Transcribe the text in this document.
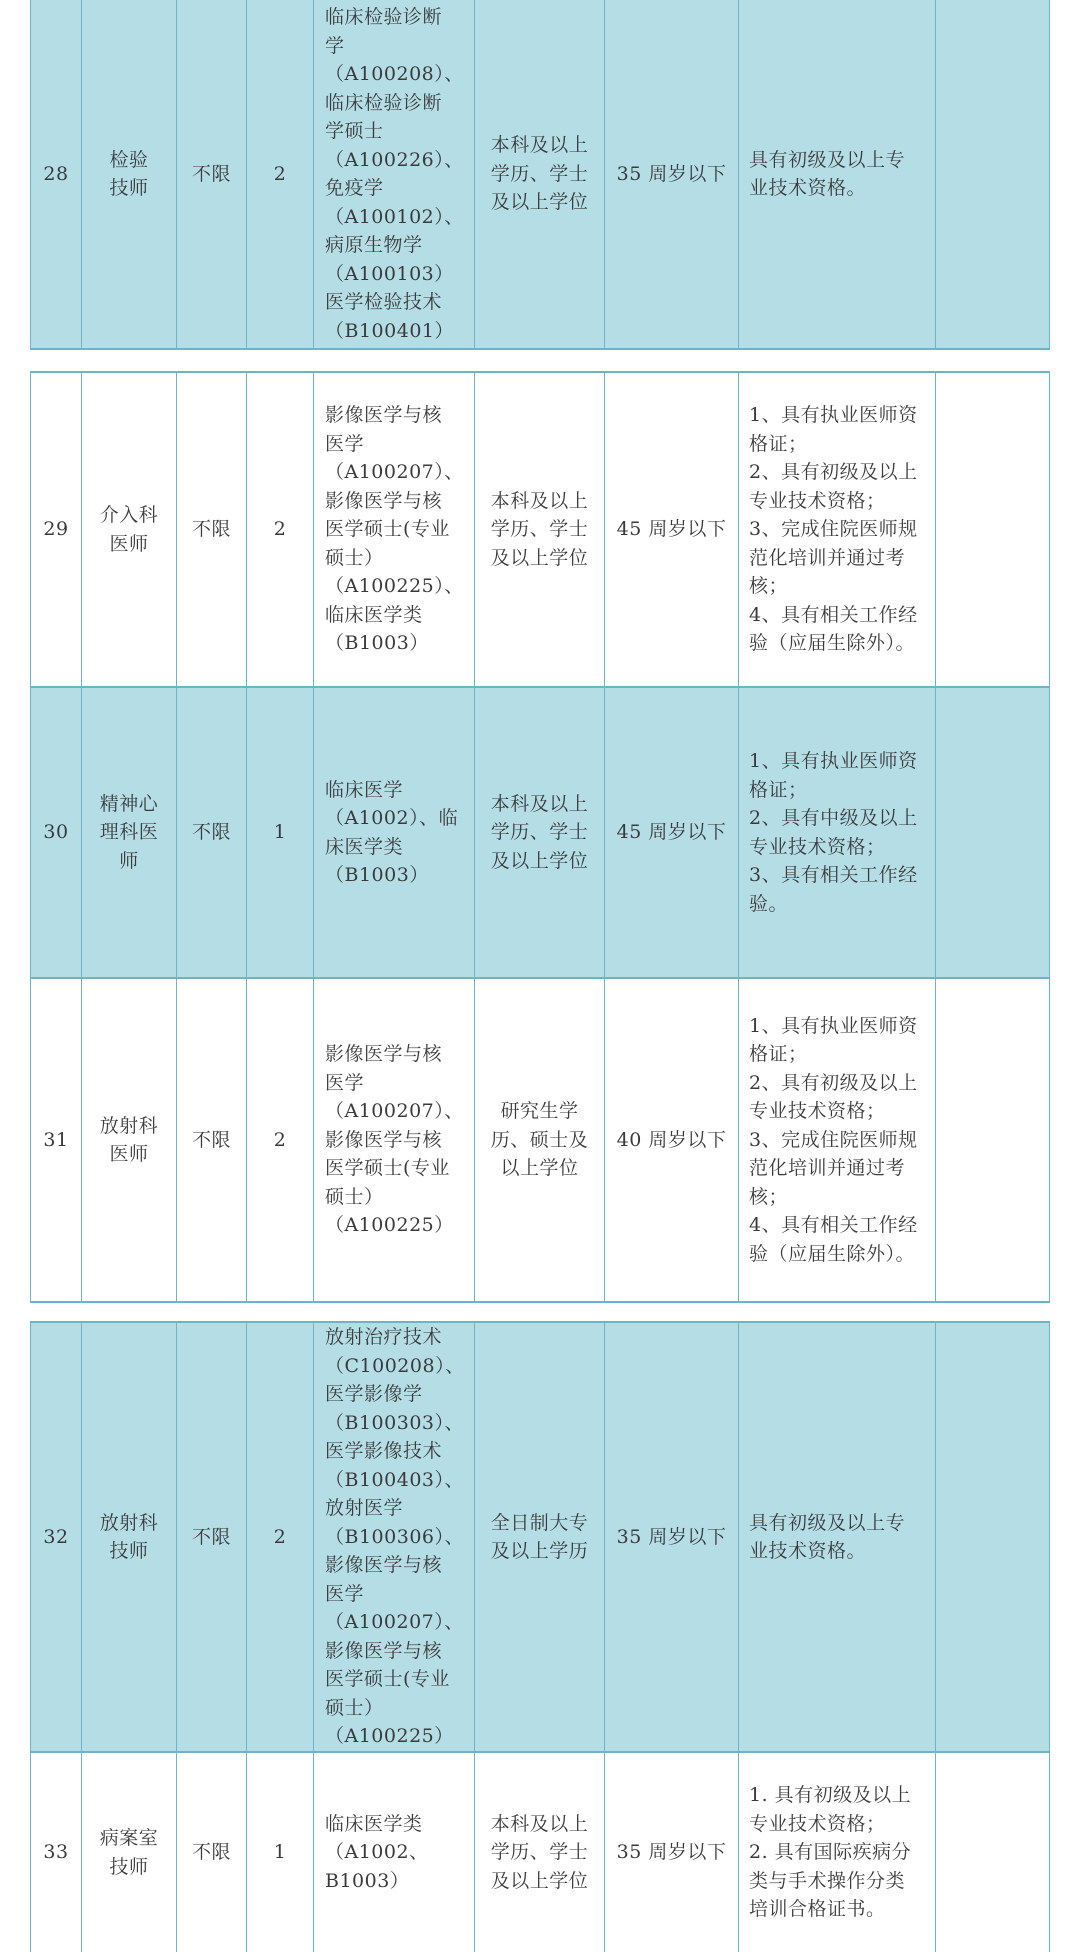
28
检验
技师
不限 2
临床检验诊断
学（A100208）、
临床检验诊断
学硕士
（A100226）、
免疫学
（A100102）、
病原生物学
（A100103）
医学检验技术
（B100401）
本科及以上
学历、学士
及以上学位
35 周岁以下
具有初级及以上专
业技术资格。
29
介入科
医师
不限 2
影像医学与核
医学
（A100207）、
影像医学与核
医学硕士(专业
硕士）
（A100225）、
临床医学类
（B1003）
本科及以上
学历、学士
及以上学位
45 周岁以下
1、具有执业医师资
格证；
2、具有初级及以上
专业技术资格；
3、完成住院医师规
范化培训并通过考
核；
4、具有相关工作经
验（应届生除外）。
30
精神心
理科医
师
不限 1
临床医学
（A1002）、临
床医学类
（B1003）
本科及以上
学历、学士
及以上学位
45 周岁以下
1、具有执业医师资
格证；
2、具有中级及以上
专业技术资格；
3、具有相关工作经
验。
31
放射科
医师
不限 2
影像医学与核
医学
（A100207）、
影像医学与核
医学硕士(专业
硕士）
（A100225）
研究生学
历、硕士及
以上学位
40 周岁以下
1、具有执业医师资
格证；
2、具有初级及以上
专业技术资格；
3、完成住院医师规
范化培训并通过考
核；
4、具有相关工作经
验（应届生除外）。
32
放射科
技师
不限 2
放射治疗技术
（C100208）、
医学影像学
（B100303）、
医学影像技术
（B100403）、
放射医学
（B100306）、
影像医学与核
医学
（A100207）、
影像医学与核
医学硕士(专业
硕士）
（A100225）
全日制大专
及以上学历
35 周岁以下
具有初级及以上专
业技术资格。
33
病案室
技师
不限 1
临床医学类
（A1002、
B1003）
本科及以上
学历、学士
及以上学位
35 周岁以下
1. 具有初级及以上
专业技术资格；
2. 具有国际疾病分
类与手术操作分类
培训合格证书。
